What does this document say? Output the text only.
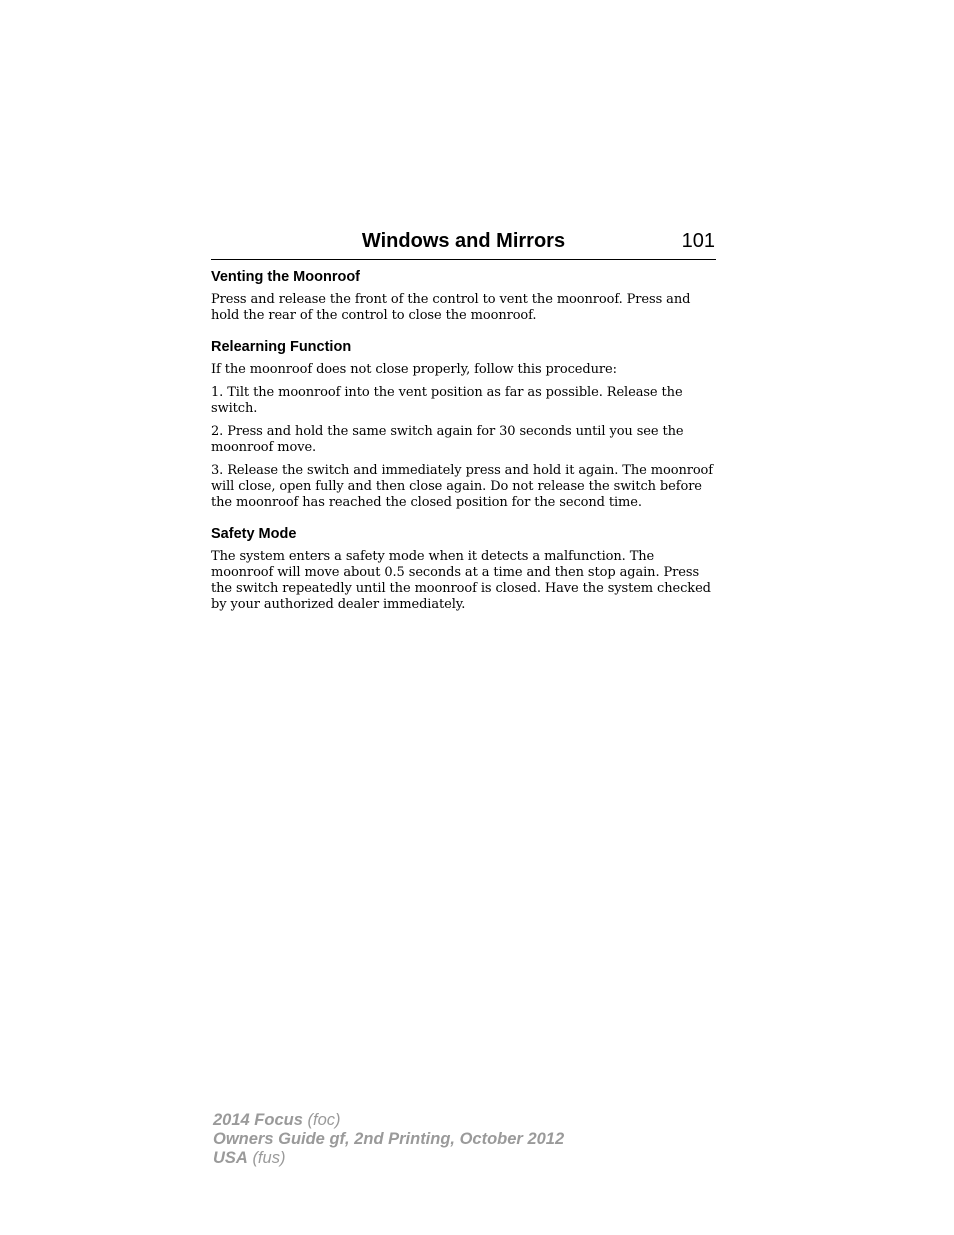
Windows and Mirrors	101
Venting the Moonroof

Press and release the front of the control to vent the moonroof. Press and hold the rear of the control to close the moonroof.

Relearning Function

If the moonroof does not close properly, follow this procedure:

1. Tilt the moonroof into the vent position as far as possible. Release the switch.

2. Press and hold the same switch again for 30 seconds until you see the moonroof move.

3. Release the switch and immediately press and hold it again. The moonroof will close, open fully and then close again. Do not release the switch before the moonroof has reached the closed position for the second time.

Safety Mode

The system enters a safety mode when it detects a malfunction. The moonroof will move about 0.5 seconds at a time and then stop again. Press the switch repeatedly until the moonroof is closed. Have the system checked by your authorized dealer immediately.

2014 Focus (foc)
Owners Guide gf, 2nd Printing, October 2012
USA (fus)
